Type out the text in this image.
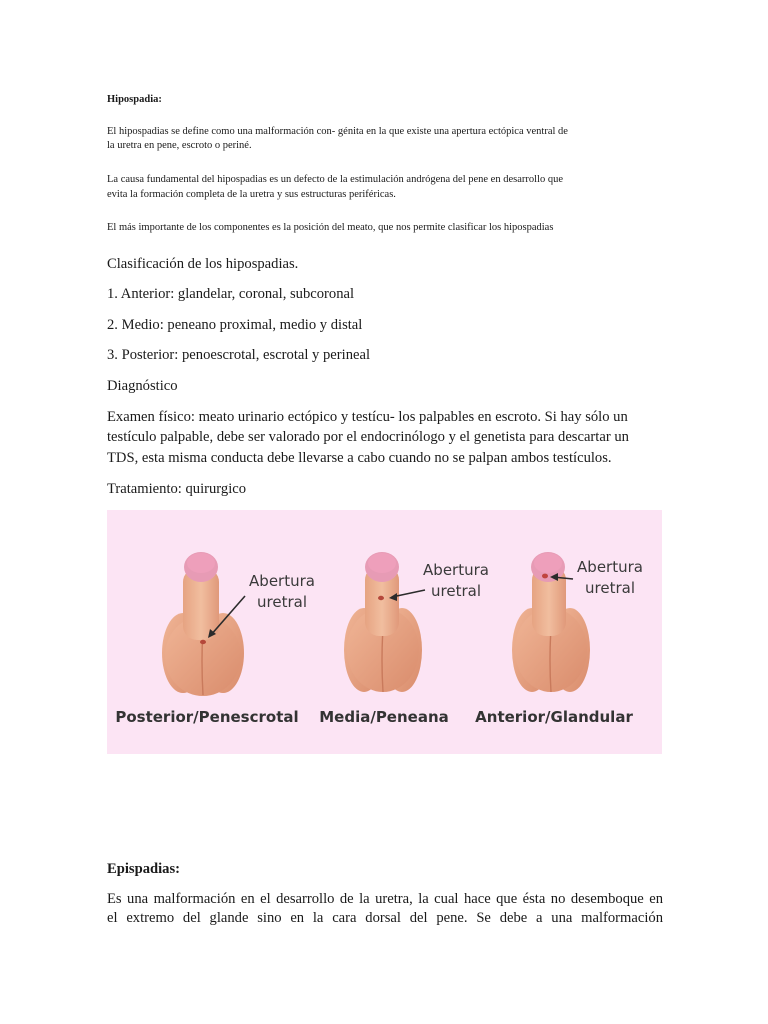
Hipospadia:
El hipospadias se define como una malformación con- génita en la que existe una apertura ectópica ventral de
la uretra en pene, escroto o periné.
La causa fundamental del hipospadias es un defecto de la estimulación andrógena del pene en desarrollo que
evita la formación completa de la uretra y sus estructuras periféricas.
El más importante de los componentes es la posición del meato, que nos permite clasificar los hipospadias
Clasificación de los hipospadias.
1. Anterior: glandelar, coronal, subcoronal
2. Medio: peneano proximal, medio y distal
3. Posterior: penoescrotal, escrotal y perineal
Diagnóstico
Examen físico: meato urinario ectópico y testícu- los palpables en escroto. Si hay sólo un
testículo palpable, debe ser valorado por el endocrinólogo y el genetista para descartar un
TDS, esta misma conducta debe llevarse a cabo cuando no se palpan ambos testículos.
Tratamiento: quirurgico
Abertura
uretral
Posterior/Penescrotal
Abertura
uretral
Media/Peneana
Abertura
uretral
Anterior/Glandular
Epispadias:
Es una malformación en el desarrollo de la uretra, la cual hace que ésta no desemboque en
el extremo del glande sino en la cara dorsal del pene. Se debe a una malformación
